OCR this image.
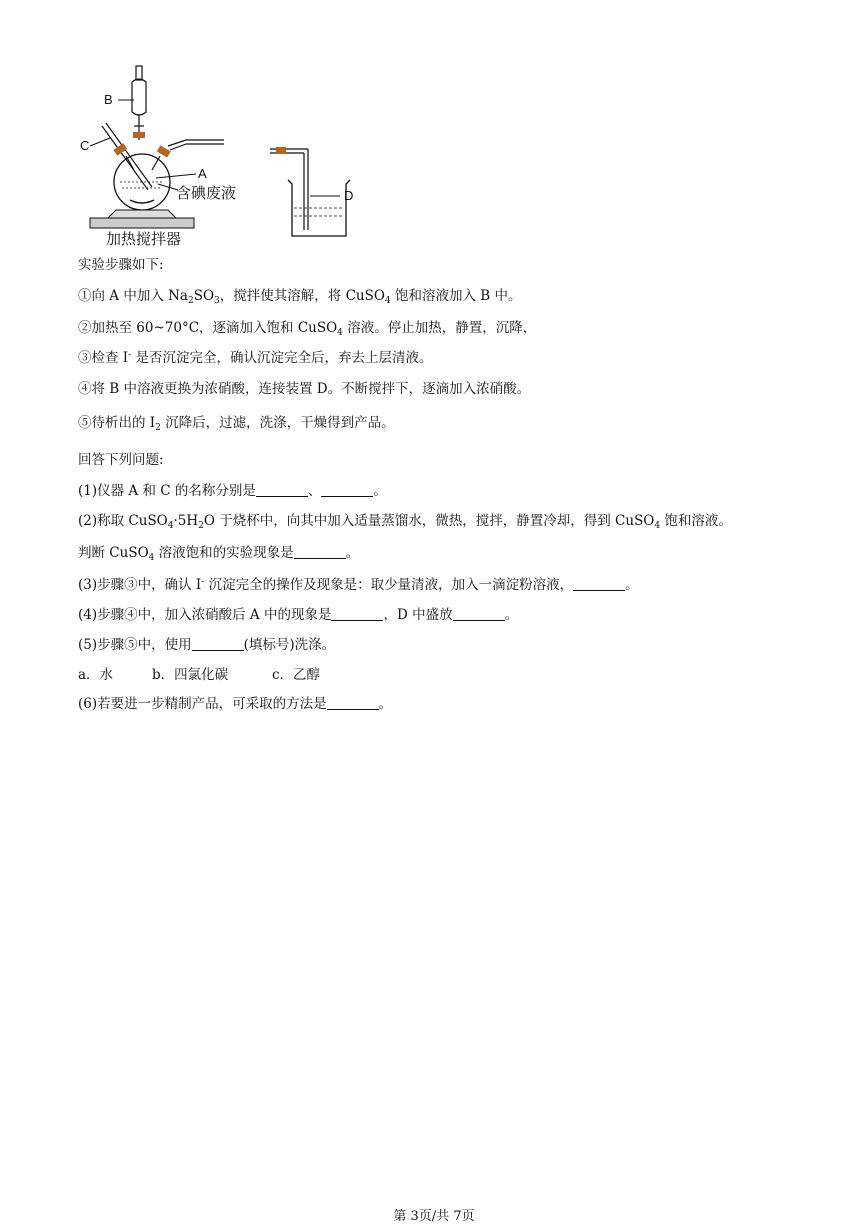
B
C
A
含碘废液
加热搅拌器
D
实验步骤如下:
①向 A 中加入 $Na_2SO_3$，搅拌使其溶解，将 CuSO$_4$ 饱和溶液加入 B 中。
②加热至 60~70°C，逐滴加入饱和 CuSO$_4$ 溶液。停止加热，静置，沉降，
③检查 I- 是否沉淀完全，确认沉淀完全后，弃去上层清液。
④将 B 中溶液更换为浓硝酸，连接装置 D。不断搅拌下，逐滴加入浓硝酸。
⑤待析出的 $I_2$ 沉降后，过滤，洗涤，干燥得到产品。
回答下列问题:
(1)仪器 A 和 C 的名称分别是	、	。
(2)称取 $CuSO_4\cdot 5H_2O$ 于烧杯中，向其中加入适量蒸馏水，微热，搅拌，静置冷却，得到 CuSO$_4$ 饱和溶液。
判断 CuSO$_4$ 溶液饱和的实验现象是	。
(3)步骤③中，确认 I- 沉淀完全的操作及现象是：取少量清液，加入一滴淀粉溶液，	。
(4)步骤④中，加入浓硝酸后 A 中的现象是	，D 中盛放	。
(5)步骤⑤中，使用	(填标号)洗涤。
a．水	b．四氯化碳	c．乙醇
(6)若要进一步精制产品，可采取的方法是	。
第 3页/共 7页
